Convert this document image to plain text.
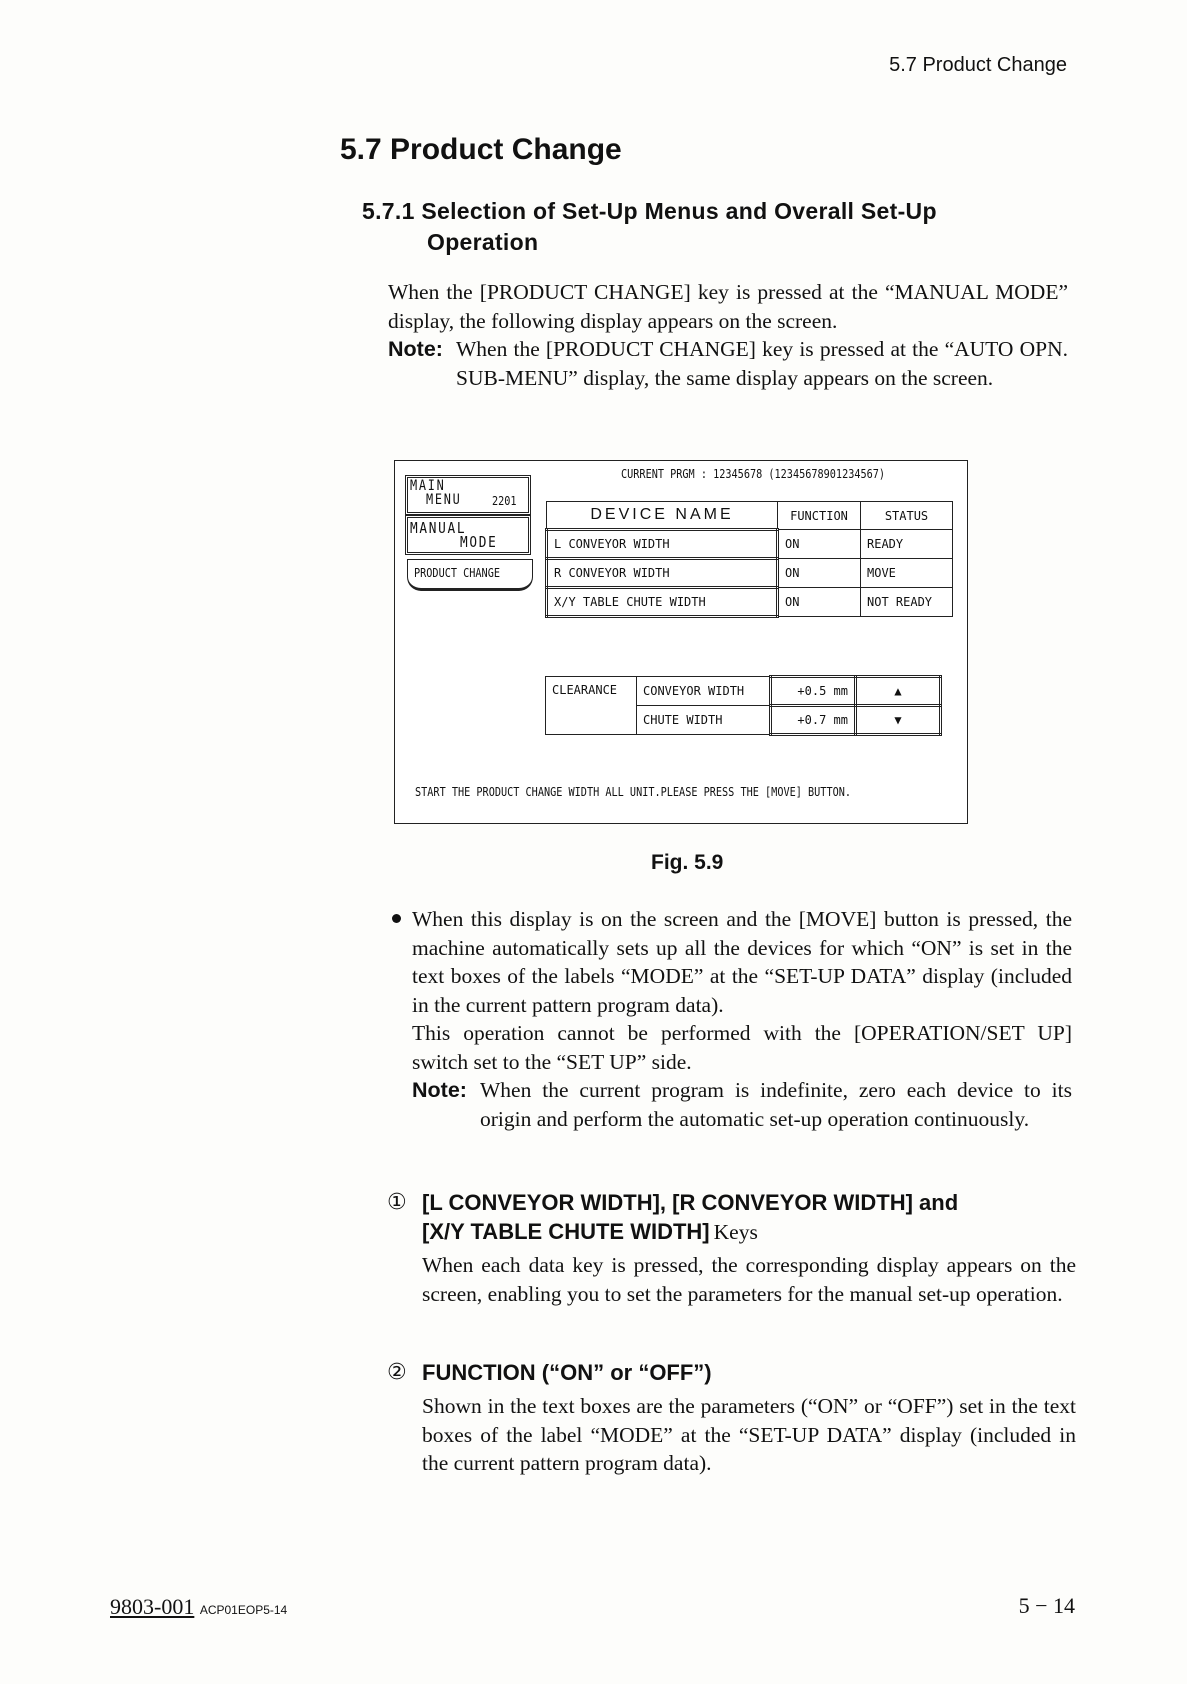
5.7 Product Change
5.7 Product Change
5.7.1 Selection of Set-Up Menus and Overall Set-Up
Operation
When the [PRODUCT CHANGE] key is pressed at the “MANUAL MODE” display, the following display appears on the screen.
Note: When the [PRODUCT CHANGE] key is pressed at the “AUTO OPN. SUB-MENU” display, the same display appears on the screen.
CURRENT PRGM : 12345678 (12345678901234567)
MAIN
MENU	2201
MANUAL
MODE
PRODUCT CHANGE
DEVICE NAME	FUNCTION	STATUS
L CONVEYOR WIDTH	ON	READY
R CONVEYOR WIDTH	ON	MOVE
X/Y TABLE CHUTE WIDTH	ON	NOT READY
CLEARANCE	CONVEYOR WIDTH	+0.5 mm	▲
	CHUTE WIDTH	+0.7 mm	▼
START THE PRODUCT CHANGE WIDTH ALL UNIT.PLEASE PRESS THE [MOVE] BUTTON.
Fig. 5.9
When this display is on the screen and the [MOVE] button is pressed, the machine automatically sets up all the devices for which “ON” is set in the text boxes of the labels “MODE” at the “SET-UP DATA” display (included in the current pattern program data).
This operation cannot be performed with the [OPERATION/SET UP] switch set to the “SET UP” side.
Note: When the current program is indefinite, zero each device to its origin and perform the automatic set-up operation continuously.
① [L CONVEYOR WIDTH], [R CONVEYOR WIDTH] and
[X/Y TABLE CHUTE WIDTH] Keys
When each data key is pressed, the corresponding display appears on the screen, enabling you to set the parameters for the manual set-up operation.
② FUNCTION (“ON” or “OFF”)
Shown in the text boxes are the parameters (“ON” or “OFF”) set in the text boxes of the label “MODE” at the “SET-UP DATA” display (included in the current pattern program data).
9803-001 ACP01EOP5-14	5 − 14
